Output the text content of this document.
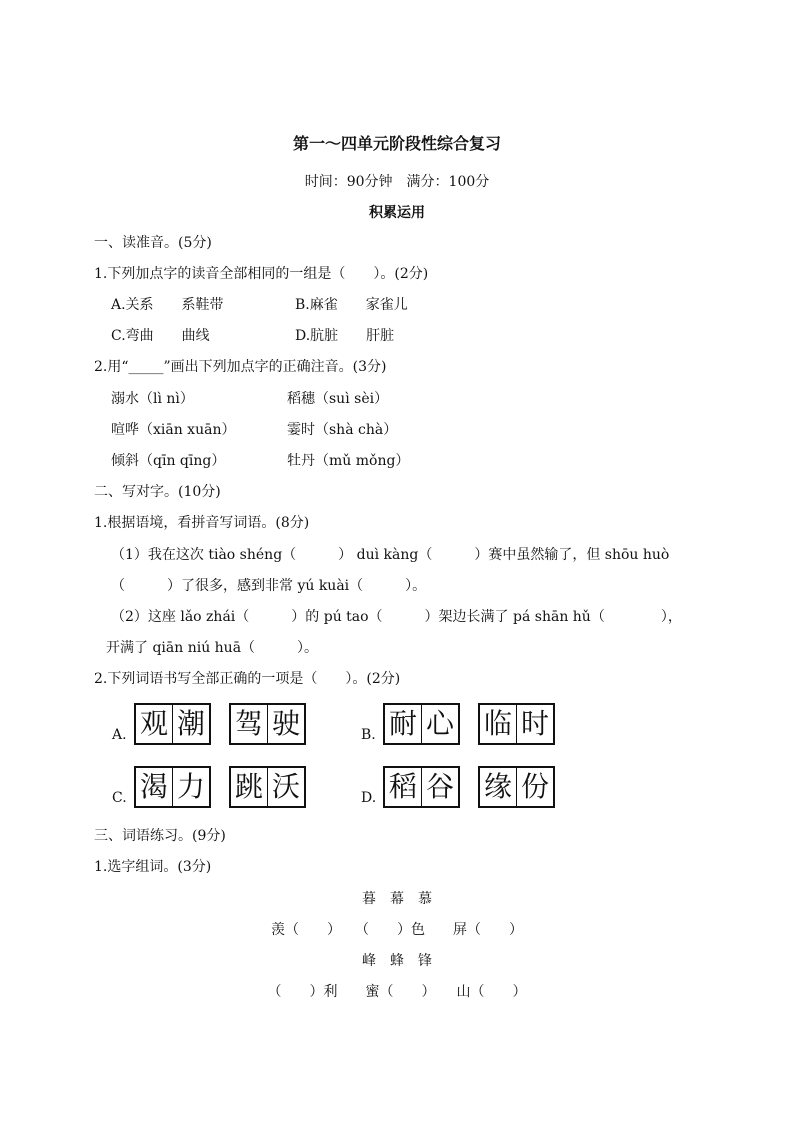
第一～四单元阶段性综合复习
时间：90分钟　满分：100分
积累运用
一、读准音。(5分)
1.下列加点字的读音全部相同的一组是（　　）。(2分)
A.关系　　系鞋带	B.麻雀　　家雀儿
C.弯曲　　曲线	D.肮脏　　肝脏
2.用“_____”画出下列加点字的正确注音。(3分)
溺水（lì nì）	稻穗（suì sèi）
喧哗（xiān xuān）	霎时（shà chà）
倾斜（qīn qīng）	牡丹（mǔ mǒng）
二、写对字。(10分)
1.根据语境，看拼音写词语。(8分)
（1）我在这次 tiào shéng（　　　） duì kàng（　　　）赛中虽然输了，但 shōu huò
（　　　）了很多，感到非常 yú kuài（　　　）。
（2）这座 lǎo zhái（　　　）的 pú tao（　　　）架边长满了 pá shān hǔ（　　　　），
开满了 qiān niú huā（　　　）。
2.下列词语书写全部正确的一项是（　　）。(2分)
A. 观 潮 驾 驶	B. 耐 心 临 时
C. 渴 力 跳 沃	D. 稻 谷 缘 份
三、词语练习。(9分)
1.选字组词。(3分)
暮　幕　慕
羡（　　）　　（　　）色　　屏（　　）
峰　蜂　锋
（　　）利　　蜜（　　）　　山（　　）
